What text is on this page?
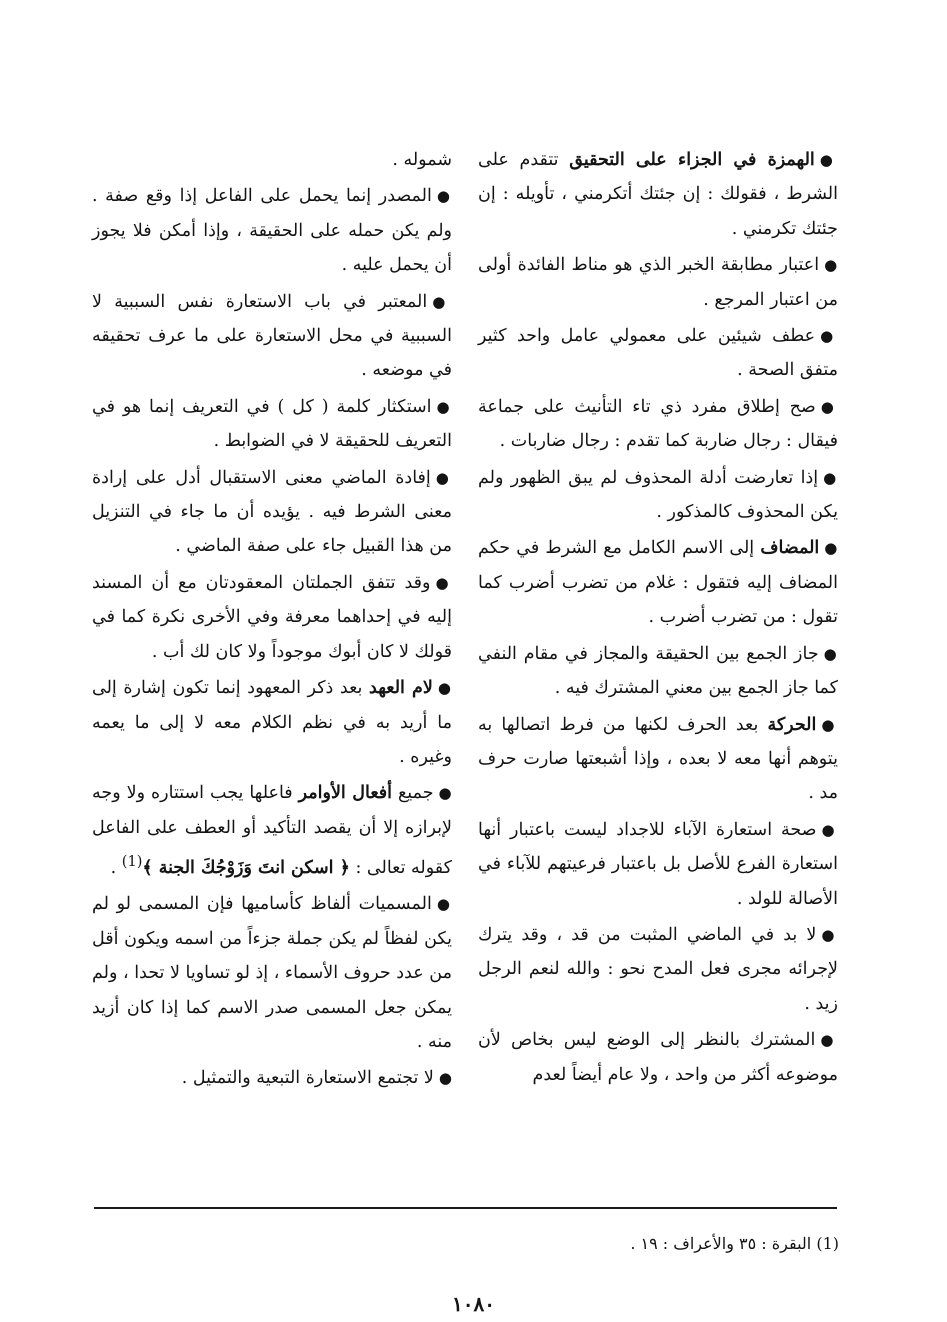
●الهمزة في الجزاء على التحقيق تتقدم على الشرط ، فقولك : إن جئتك أتكرمني ، تأويله : إن جئتك تكرمني .

●اعتبار مطابقة الخبر الذي هو مناط الفائدة أولى من اعتبار المرجع .

●عطف شيئين على معمولي عامل واحد كثير متفق الصحة .

●صح إطلاق مفرد ذي تاء التأنيث على جماعة فيقال : رجال ضاربة كما تقدم : رجال ضاربات .

●إذا تعارضت أدلة المحذوف لم يبق الظهور ولم يكن المحذوف كالمذكور .

●المضاف إلى الاسم الكامل مع الشرط في حكم المضاف إليه فتقول : غلام من تضرب أضرب كما تقول : من تضرب أضرب .

●جاز الجمع بين الحقيقة والمجاز في مقام النفي كما جاز الجمع بين معني المشترك فيه .

●الحركة بعد الحرف لكنها من فرط اتصالها به يتوهم أنها معه لا بعده ، وإذا أشبعتها صارت حرف مد .

●صحة استعارة الآباء للاجداد ليست باعتبار أنها استعارة الفرع للأصل بل باعتبار فرعيتهم للآباء في الأصالة للولد .

●لا بد في الماضي المثبت من قد ، وقد يترك لإجرائه مجرى فعل المدح نحو : والله لنعم الرجل زيد .

●المشترك بالنظر إلى الوضع ليس بخاص لأن موضوعه أكثر من واحد ، ولا عام أيضاً لعدم

شموله .

●المصدر إنما يحمل على الفاعل إذا وقع صفة . ولم يكن حمله على الحقيقة ، وإذا أمكن فلا يجوز أن يحمل عليه .

●المعتبر في باب الاستعارة نفس السببية لا السببية في محل الاستعارة على ما عرف تحقيقه في موضعه .

●استكثار كلمة ( كل ) في التعريف إنما هو في التعريف للحقيقة لا في الضوابط .

●إفادة الماضي معنى الاستقبال أدل على إرادة معنى الشرط فيه . يؤيده أن ما جاء في التنزيل من هذا القبيل جاء على صفة الماضي .

●وقد تتفق الجملتان المعقودتان مع أن المسند إليه في إحداهما معرفة وفي الأخرى نكرة كما في قولك لا كان أبوك موجوداً ولا كان لك أب .

●لام العهد بعد ذكر المعهود إنما تكون إشارة إلى ما أريد به في نظم الكلام معه لا إلى ما يعمه وغيره .

●جميع أفعال الأوامر فاعلها يجب استتاره ولا وجه لإبرازه إلا أن يقصد التأكيد أو العطف على الفاعل كقوله تعالى : ﴿ اسكن انتَ وَزَوْجُكَ الجنة ﴾$^{(1)}$ .

●المسميات ألفاظ كأساميها فإن المسمى لو لم يكن لفظاً لم يكن جملة جزءاً من اسمه ويكون أقل من عدد حروف الأسماء ، إذ لو تساويا لا تحدا ، ولم يمكن جعل المسمى صدر الاسم كما إذا كان أزيد منه .

●لا تجتمع الاستعارة التبعية والتمثيل .

(1) البقرة : ٣٥ والأعراف : ١٩ .
١٠٨٠
